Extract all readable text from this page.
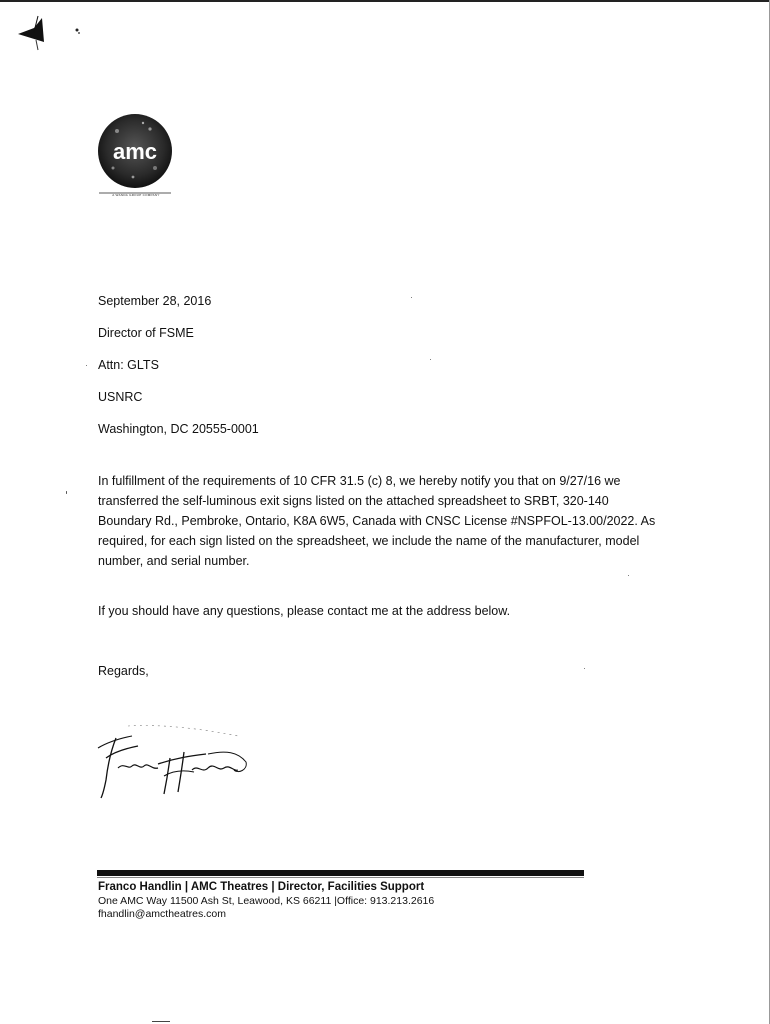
amc
A WANDA GROUP COMPANY
September 28, 2016
Director of FSME
Attn: GLTS
USNRC
Washington, DC 20555-0001
In fulfillment of the requirements of 10 CFR 31.5 (c) 8, we hereby notify you that on 9/27/16 we transferred the self-luminous exit signs listed on the attached spreadsheet to SRBT, 320-140 Boundary Rd., Pembroke, Ontario, K8A 6W5, Canada with CNSC License #NSPFOL-13.00/2022. As required, for each sign listed on the spreadsheet, we include the name of the manufacturer, model number, and serial number.
If you should have any questions, please contact me at the address below.
Regards,
Franco Handlin | AMC Theatres | Director, Facilities Support
One AMC Way 11500 Ash St, Leawood, KS 66211 |Office: 913.213.2616
fhandlin@amctheatres.com
